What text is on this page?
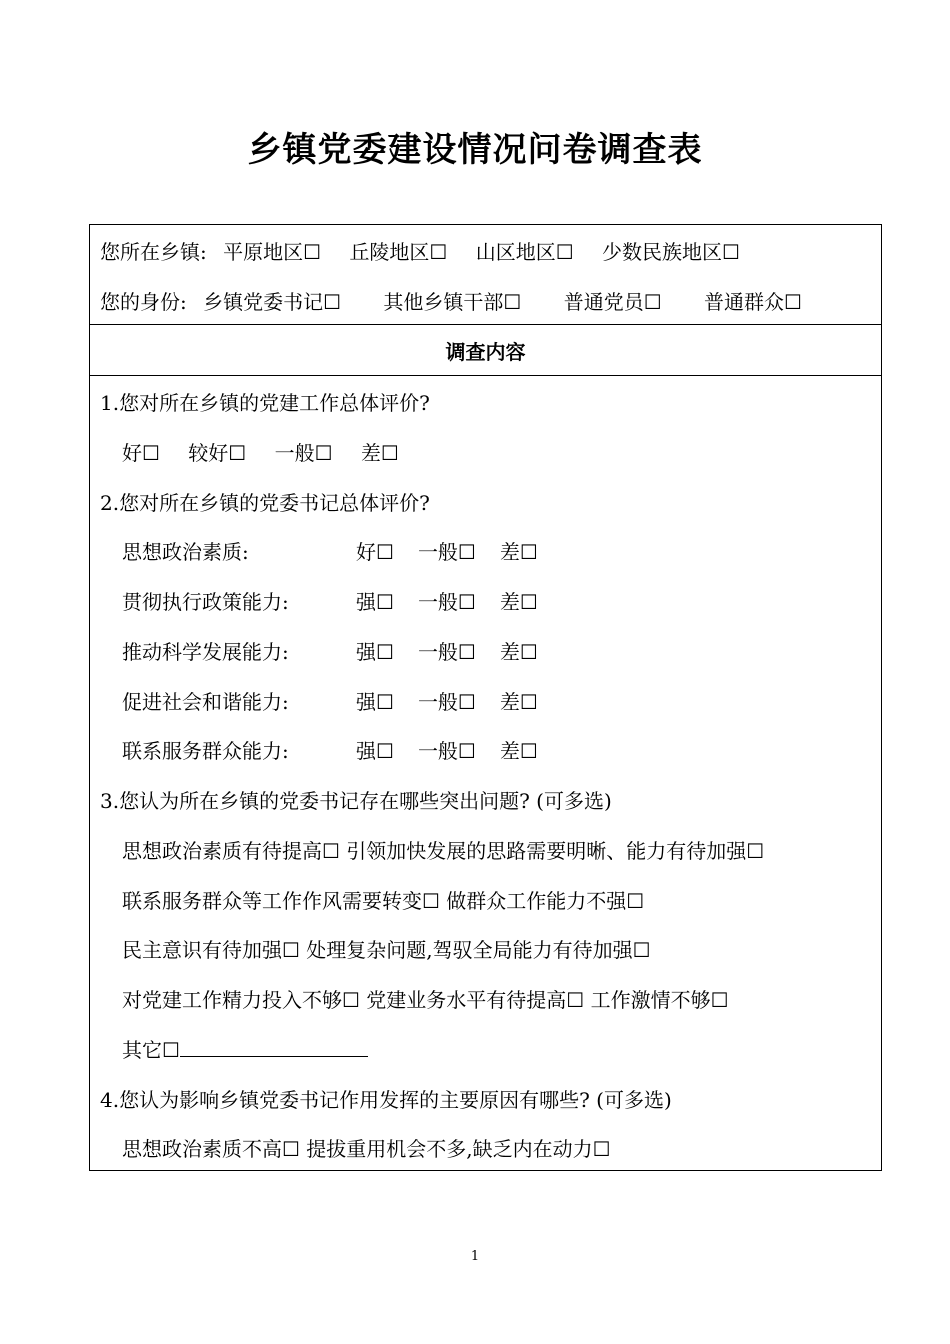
乡镇党委建设情况问卷调查表
您所在乡镇: 平原地区☐ 丘陵地区☐ 山区地区☐ 少数民族地区☐
您的身份: 乡镇党委书记☐ 其他乡镇干部☐ 普通党员☐ 普通群众☐
调查内容
1.您对所在乡镇的党建工作总体评价?
好☐ 较好☐ 一般☐ 差☐
2.您对所在乡镇的党委书记总体评价?
思想政治素质:	好☐ 一般☐ 差☐
贯彻执行政策能力:	强☐ 一般☐ 差☐
推动科学发展能力:	强☐ 一般☐ 差☐
促进社会和谐能力:	强☐ 一般☐ 差☐
联系服务群众能力:	强☐ 一般☐ 差☐
3.您认为所在乡镇的党委书记存在哪些突出问题? (可多选)
思想政治素质有待提高☐ 引领加快发展的思路需要明晰、能力有待加强☐
联系服务群众等工作作风需要转变☐ 做群众工作能力不强☐
民主意识有待加强☐ 处理复杂问题,驾驭全局能力有待加强☐
对党建工作精力投入不够☐ 党建业务水平有待提高☐ 工作激情不够☐
其它☐
4.您认为影响乡镇党委书记作用发挥的主要原因有哪些? (可多选)
思想政治素质不高☐ 提拔重用机会不多,缺乏内在动力☐
1
